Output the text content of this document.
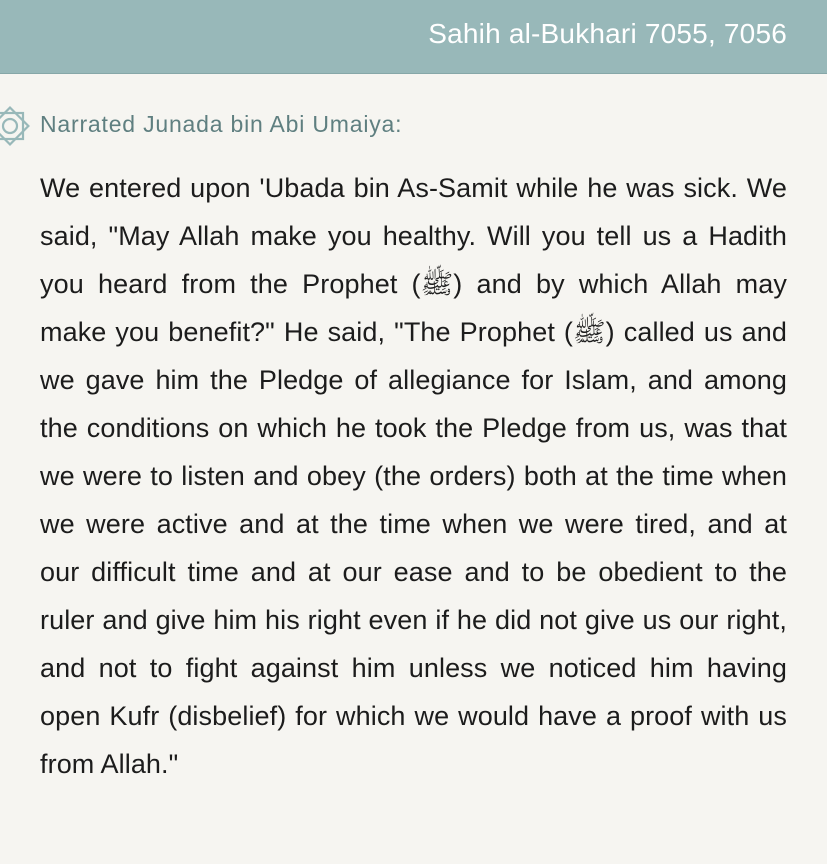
Sahih al-Bukhari 7055, 7056
Narrated Junada bin Abi Umaiya:

We entered upon 'Ubada bin As-Samit while he was sick. We said, "May Allah make you healthy. Will you tell us a Hadith you heard from the Prophet (ﷺ) and by which Allah may make you benefit?" He said, "The Prophet (ﷺ) called us and we gave him the Pledge of allegiance for Islam, and among the conditions on which he took the Pledge from us, was that we were to listen and obey (the orders) both at the time when we were active and at the time when we were tired, and at our difficult time and at our ease and to be obedient to the ruler and give him his right even if he did not give us our right, and not to fight against him unless we noticed him having open Kufr (disbelief) for which we would have a proof with us from Allah."
